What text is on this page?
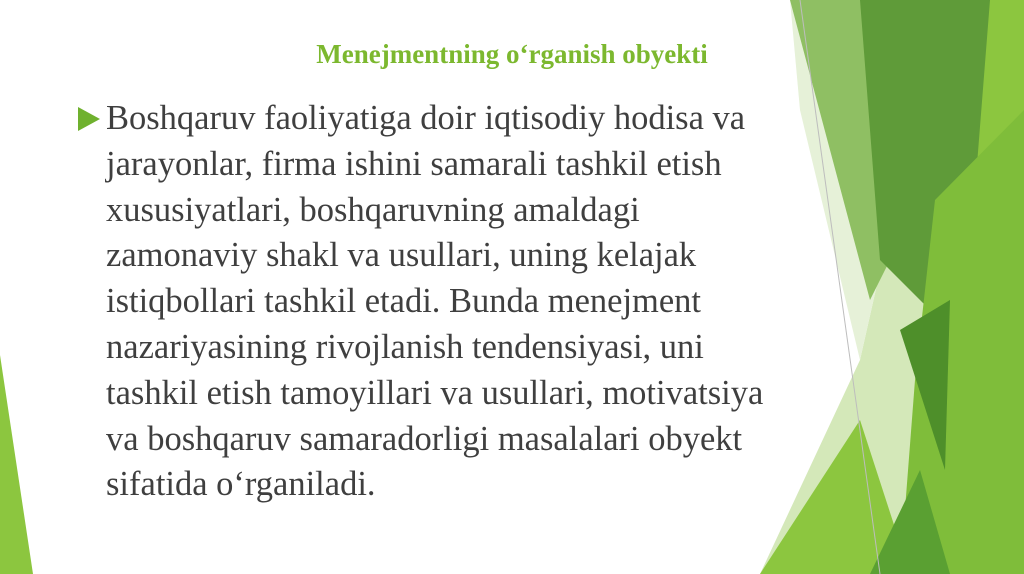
Menejmentning o‘rganish obyekti
Boshqaruv faoliyatiga doir iqtisodiy hodisa va
jarayonlar, firma ishini samarali tashkil etish
xususiyatlari, boshqaruvning amaldagi
zamonaviy shakl va usullari, uning kelajak
istiqbollari tashkil etadi. Bunda menejment
nazariyasining rivojlanish tendensiyasi, uni
tashkil etish tamoyillari va usullari, motivatsiya
va boshqaruv samaradorligi masalalari obyekt
sifatida o‘rganiladi.
